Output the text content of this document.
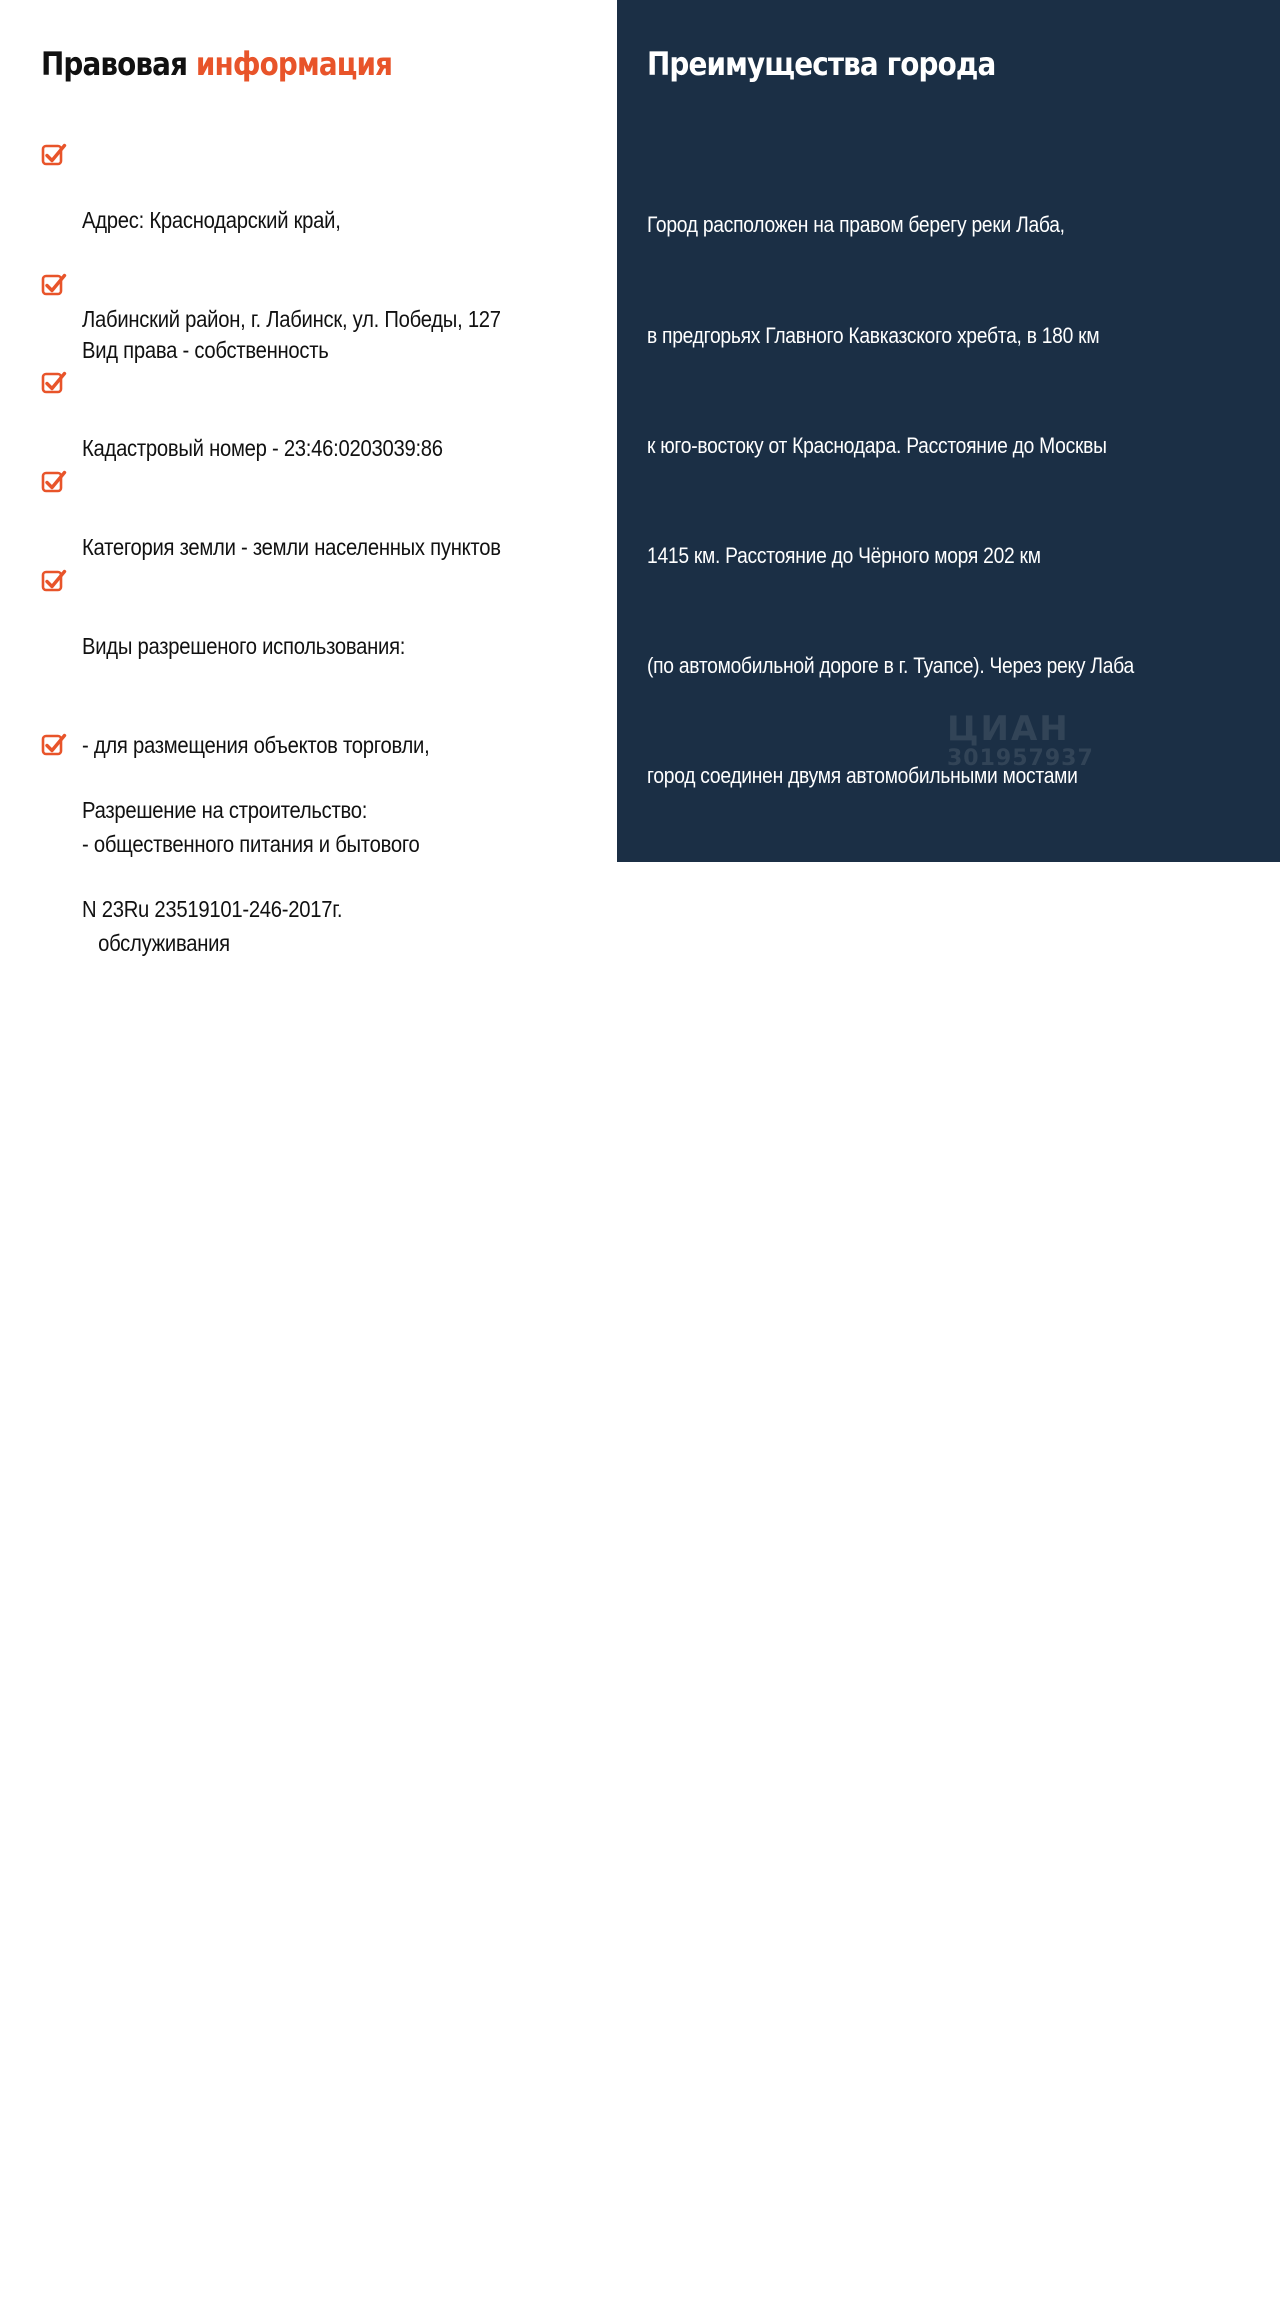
Правовая информация

Адрес: Краснодарский край,

Лабинский район, г. Лабинск, ул. Победы, 127

Вид права - собственность

Кадастровый номер - 23:46:0203039:86

Категория земли - земли населенных пунктов

Виды разрешеного использования:

- для размещения объектов торговли,

- общественного питания и бытового

обслуживания

Разрешение на строительство:

N 23Ru 23519101-246-2017г.

Преимущества города

Город расположен на правом берегу реки Лаба,

в предгорьях Главного Кавказского хребта, в 180 км

к юго-востоку от Краснодара. Расстояние до Москвы

1415 км. Расстояние до Чёрного моря 202 км

(по автомобильной дороге в г. Туапсе). Через реку Лаба

город соединен двумя автомобильными мостами

с Кошехабльским районом республики Адыгея.

В городе находится автовокзал Лабинский, осуществляет

пассажирские перевозки практически во все направления

юга России, в том числе автобусное сообщение с Москвой.

В городе расположены 10 общеобразовательных школ,

Лабинский медицинский колледж, Лабинский аграрный

техникум (одно из старейших учебных заведений Кубани).

Лабинский социально-технический техникум, а также

детская школа искусств. Детско-юношеская спортивная

школа Лидер. В Лабинске расположен стадион «Труд»,

с плавательным бассейном, а также физкультурного

оздоровительный комплекс «Олимп».

Действуют различные детские спортивные секции.

ЦИАН
301957937
